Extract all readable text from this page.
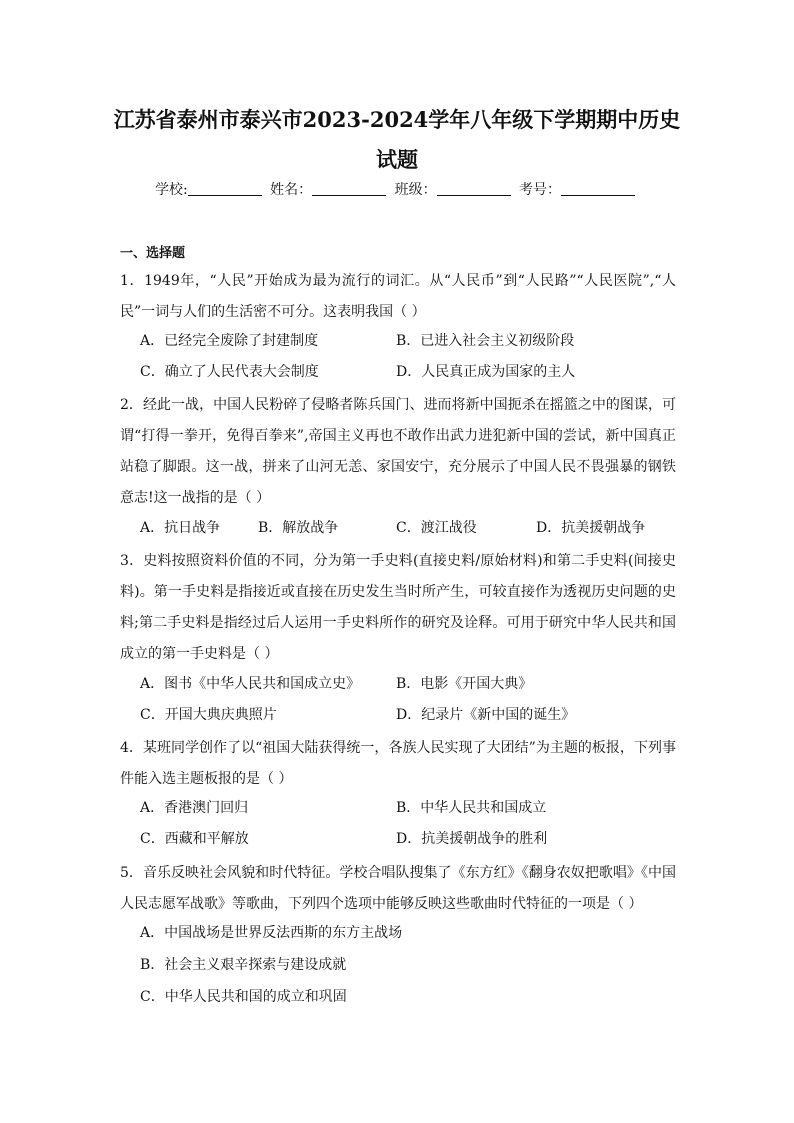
江苏省泰州市泰兴市2023-2024学年八年级下学期期中历史试题
学校:	姓名：	班级：	考号：
一、选择题
1．1949年，“人民”开始成为最为流行的词汇。从“人民币”到“人民路”“人民医院”,“人民”一词与人们的生活密不可分。这表明我国（ ）
A．已经完全废除了封建制度	B．已进入社会主义初级阶段
C．确立了人民代表大会制度	D．人民真正成为国家的主人
2．经此一战，中国人民粉碎了侵略者陈兵国门、进而将新中国扼杀在摇篮之中的图谋，可谓“打得一拳开，免得百拳来”,帝国主义再也不敢作出武力进犯新中国的尝试，新中国真正站稳了脚跟。这一战，拼来了山河无恙、家国安宁，充分展示了中国人民不畏强暴的钢铁意志!这一战指的是（ ）
A．抗日战争	B．解放战争	C．渡江战役	D．抗美援朝战争
3．史料按照资料价值的不同，分为第一手史料(直接史料/原始材料)和第二手史料(间接史料)。第一手史料是指接近或直接在历史发生当时所产生，可较直接作为透视历史问题的史料;第二手史料是指经过后人运用一手史料所作的研究及诠释。可用于研究中华人民共和国成立的第一手史料是（ ）
A．图书《中华人民共和国成立史》	B．电影《开国大典》
C．开国大典庆典照片	D．纪录片《新中国的诞生》
4．某班同学创作了以“祖国大陆获得统一，各族人民实现了大团结”为主题的板报，下列事件能入选主题板报的是（ ）
A．香港澳门回归	B．中华人民共和国成立
C．西藏和平解放	D．抗美援朝战争的胜利
5．音乐反映社会风貌和时代特征。学校合唱队搜集了《东方红》《翻身农奴把歌唱》《中国人民志愿军战歌》等歌曲，下列四个选项中能够反映这些歌曲时代特征的一项是（ ）
A．中国战场是世界反法西斯的东方主战场
B．社会主义艰辛探索与建设成就
C．中华人民共和国的成立和巩固
